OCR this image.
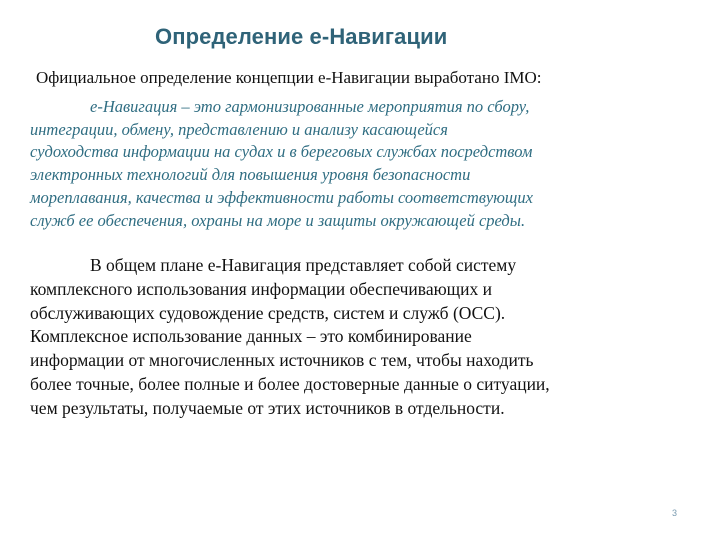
Определение е-Навигации
Официальное определение концепции е-Навигации выработано IMO:
е-Навигация – это гармонизированные мероприятия по сбору,
интеграции, обмену, представлению и анализу касающейся
судоходства информации на судах и в береговых службах посредством
электронных технологий для повышения уровня безопасности
мореплавания, качества и эффективности работы соответствующих
служб ее обеспечения, охраны на море и защиты окружающей среды.
В общем плане е-Навигация представляет собой систему
комплексного использования информации обеспечивающих и
обслуживающих судовождение средств, систем и служб (ОСС).
Комплексное использование данных – это комбинирование
информации от многочисленных источников с тем, чтобы находить
более точные, более полные и более достоверные данные о ситуации,
чем результаты, получаемые от этих источников в отдельности.
3
